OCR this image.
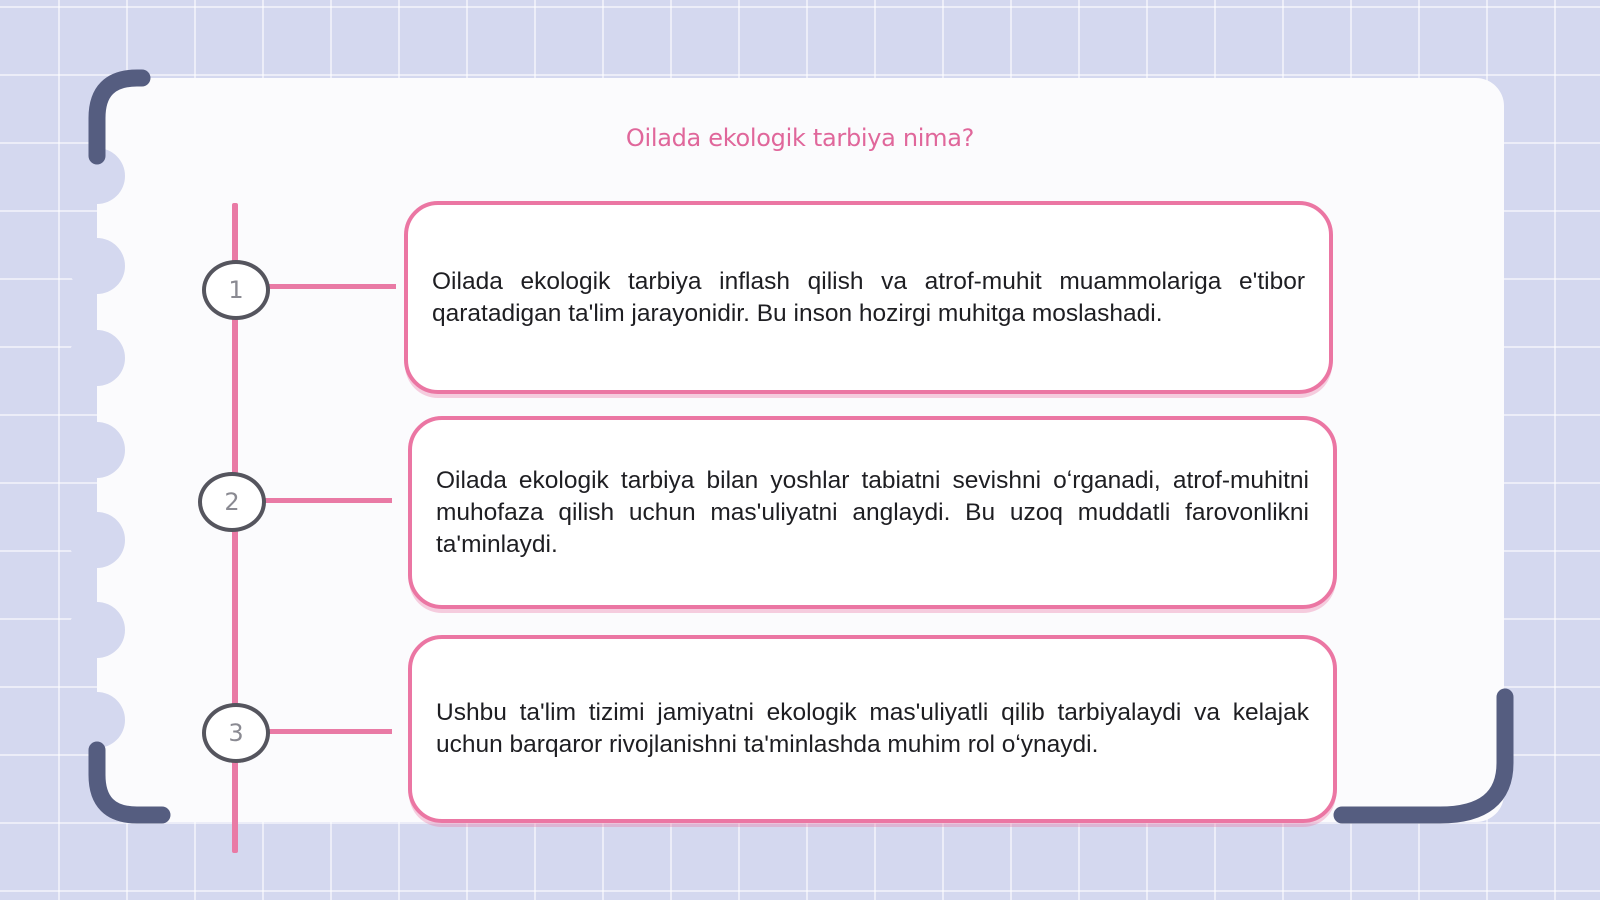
Oilada ekologik tarbiya nima?
1
2
3

Oilada ekologik tarbiya inflash qilish va atrof-muhit muammolariga e'tibor qaratadigan ta'lim jarayonidir. Bu inson hozirgi muhitga moslashadi.

Oilada ekologik tarbiya bilan yoshlar tabiatni sevishni oʻrganadi, atrof-muhitni muhofaza qilish uchun mas'uliyatni anglaydi. Bu uzoq muddatli farovonlikni ta'minlaydi.

Ushbu ta'lim tizimi jamiyatni ekologik mas'uliyatli qilib tarbiyalaydi va kelajak uchun barqaror rivojlanishni ta'minlashda muhim rol oʻynaydi.
